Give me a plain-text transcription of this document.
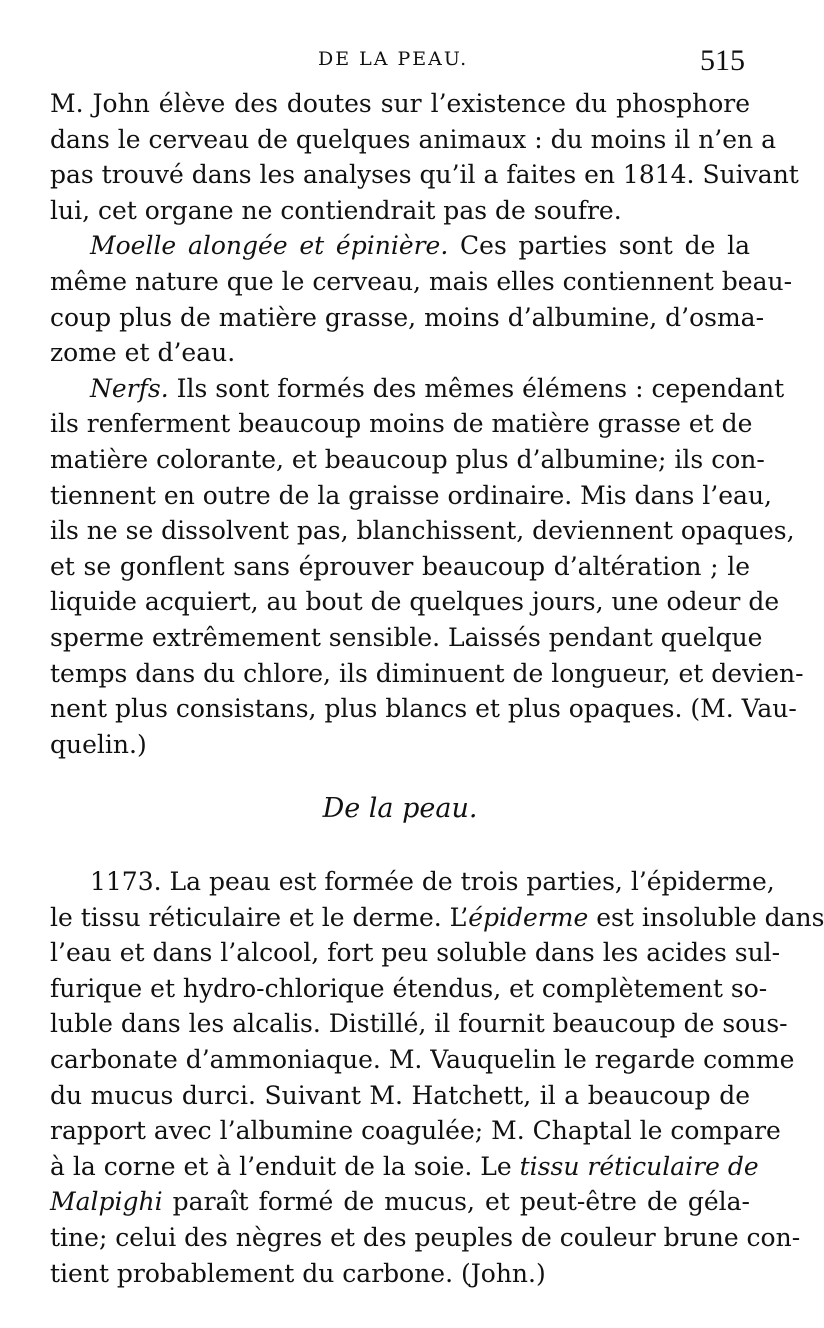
DE LA PEAU.	515
M. John élève des doutes sur l’existence du phosphore
dans le cerveau de quelques animaux : du moins il n’en a
pas trouvé dans les analyses qu’il a faites en 1814. Suivant
lui, cet organe ne contiendrait pas de soufre.
Moelle alongée et épinière. Ces parties sont de la
même nature que le cerveau, mais elles contiennent beau-
coup plus de matière grasse, moins d’albumine, d’osma-
zome et d’eau.
Nerfs. Ils sont formés des mêmes élémens : cependant
ils renferment beaucoup moins de matière grasse et de
matière colorante, et beaucoup plus d’albumine; ils con-
tiennent en outre de la graisse ordinaire. Mis dans l’eau,
ils ne se dissolvent pas, blanchissent, deviennent opaques,
et se gonflent sans éprouver beaucoup d’altération ; le
liquide acquiert, au bout de quelques jours, une odeur de
sperme extrêmement sensible. Laissés pendant quelque
temps dans du chlore, ils diminuent de longueur, et devien-
nent plus consistans, plus blancs et plus opaques. (M. Vau-
quelin.)
De la peau.
1173. La peau est formée de trois parties, l’épiderme,
le tissu réticulaire et le derme. L’épiderme est insoluble dans
l’eau et dans l’alcool, fort peu soluble dans les acides sul-
furique et hydro-chlorique étendus, et complètement so-
luble dans les alcalis. Distillé, il fournit beaucoup de sous-
carbonate d’ammoniaque. M. Vauquelin le regarde comme
du mucus durci. Suivant M. Hatchett, il a beaucoup de
rapport avec l’albumine coagulée; M. Chaptal le compare
à la corne et à l’enduit de la soie. Le tissu réticulaire de
Malpighi paraît formé de mucus, et peut-être de géla-
tine; celui des nègres et des peuples de couleur brune con-
tient probablement du carbone. (John.)
